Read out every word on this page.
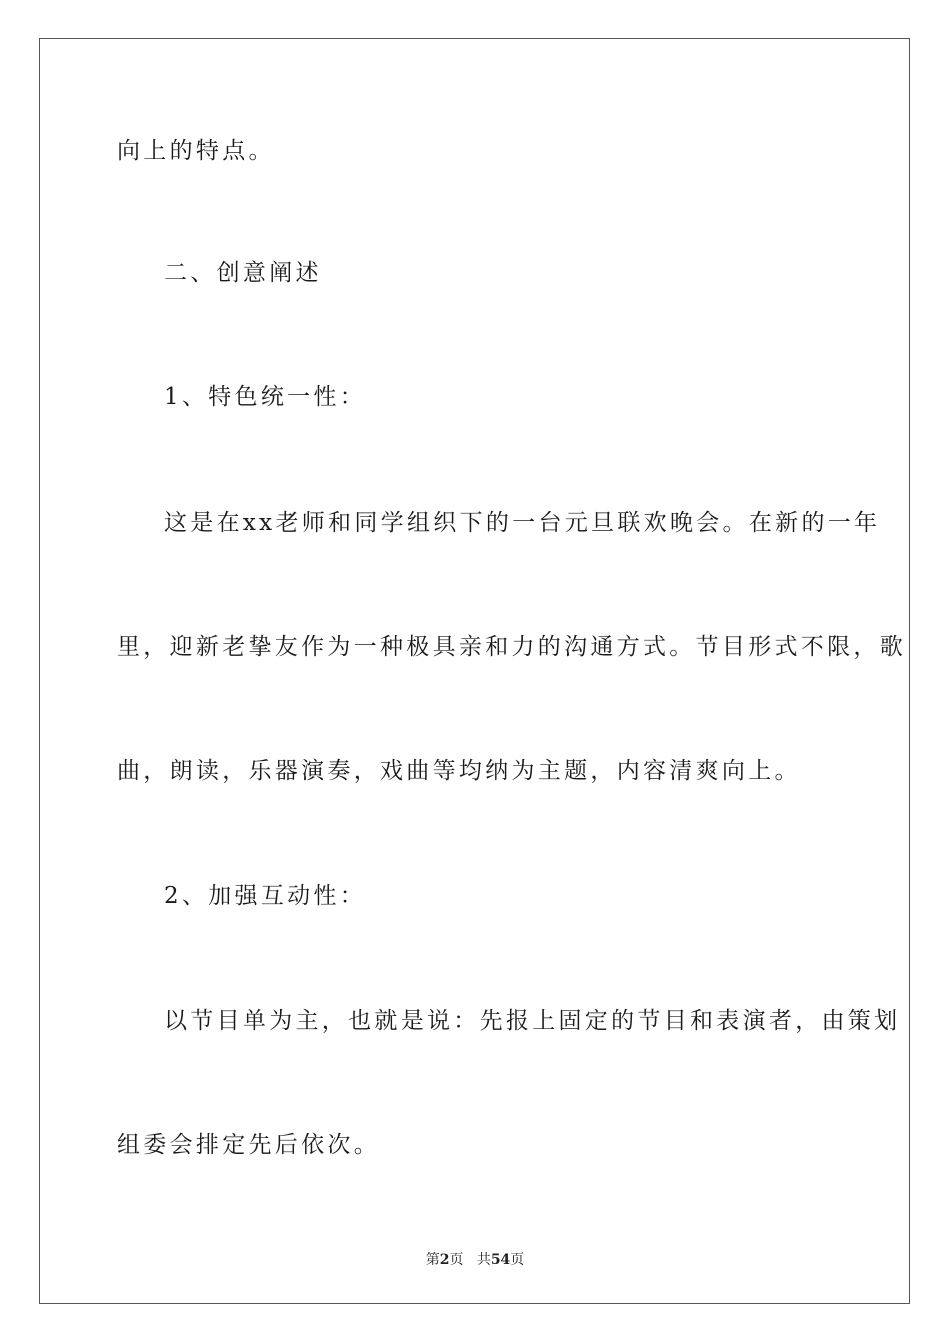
向上的特点。
二、创意阐述
1、特色统一性：
这是在xx老师和同学组织下的一台元旦联欢晚会。在新的一年
里，迎新老挚友作为一种极具亲和力的沟通方式。节目形式不限，歌
曲，朗读，乐器演奏，戏曲等均纳为主题，内容清爽向上。
2、加强互动性：
以节目单为主，也就是说：先报上固定的节目和表演者，由策划
组委会排定先后依次。
第2页 共54页
